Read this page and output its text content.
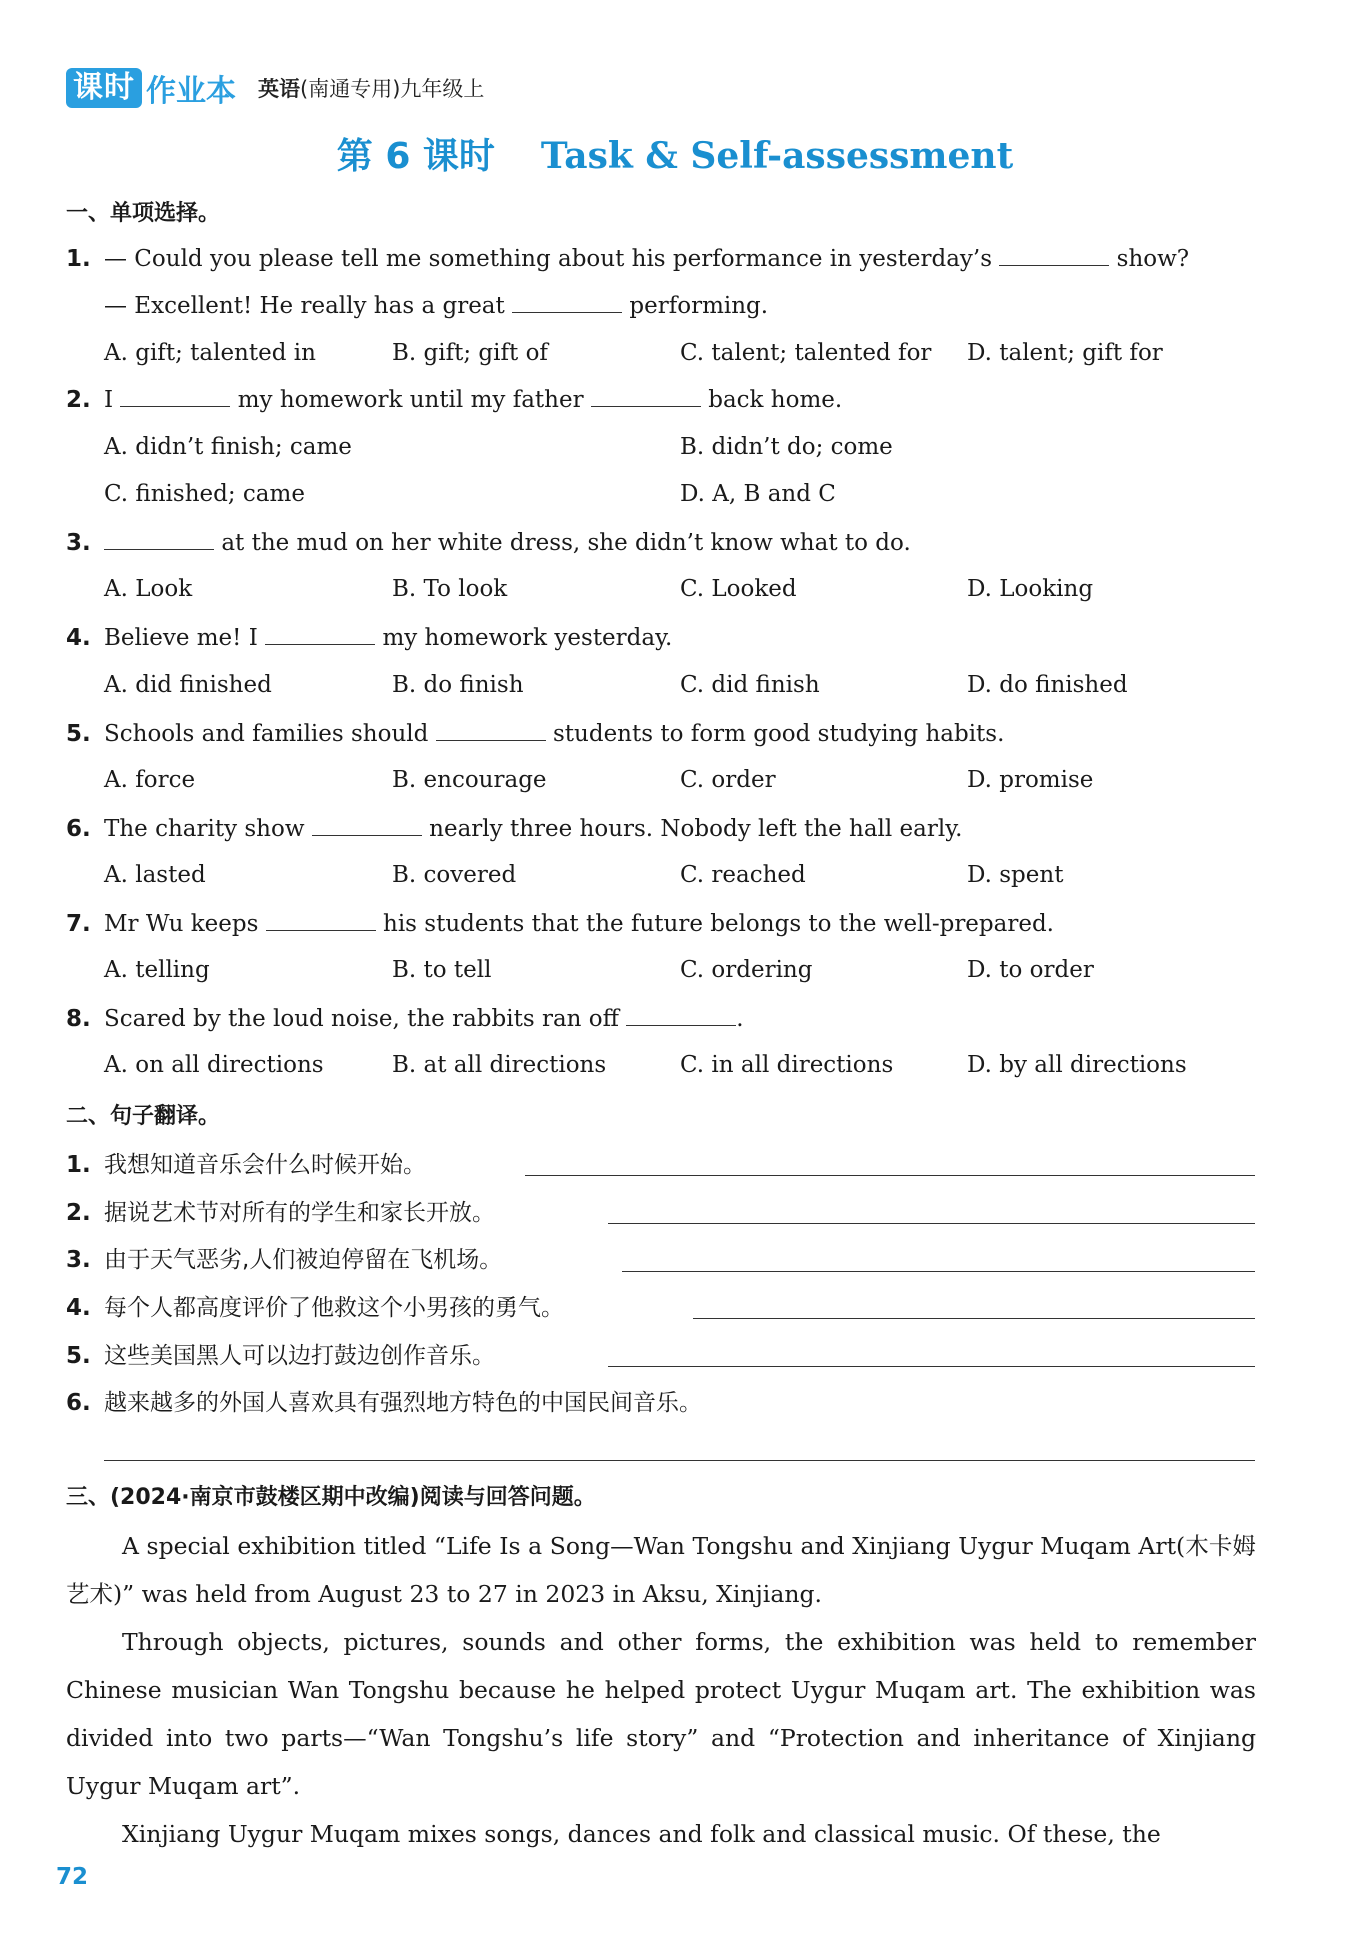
课时 作业本 英语(南通专用)九年级上
第 6 课时 Task & Self-assessment
一、单项选择。
1. — Could you please tell me something about his performance in yesterday’s	show?
— Excellent! He really has a great	performing.
A. gift; talented in	B. gift; gift of	C. talent; talented for D. talent; gift for
2. I	my homework until my father	back home.
A. didn’t finish; came	B. didn’t do; come
C. finished; came	D. A, B and C
3.	at the mud on her white dress, she didn’t know what to do.
A. Look	B. To look	C. Looked	D. Looking
4. Believe me! I	my homework yesterday.
A. did finished	B. do finish	C. did finish	D. do finished
5. Schools and families should	students to form good studying habits.
A. force	B. encourage	C. order	D. promise
6. The charity show	nearly three hours. Nobody left the hall early.
A. lasted	B. covered	C. reached	D. spent
7. Mr Wu keeps	his students that the future belongs to the well-prepared.
A. telling	B. to tell	C. ordering	D. to order
8. Scared by the loud noise, the rabbits ran off	.
A. on all directions	B. at all directions	C. in all directions	D. by all directions
二、句子翻译。
1. 我想知道音乐会什么时候开始。
2. 据说艺术节对所有的学生和家长开放。
3. 由于天气恶劣,人们被迫停留在飞机场。
4. 每个人都高度评价了他救这个小男孩的勇气。
5. 这些美国黑人可以边打鼓边创作音乐。
6. 越来越多的外国人喜欢具有强烈地方特色的中国民间音乐。
三、(2024·南京市鼓楼区期中改编)阅读与回答问题。
A special exhibition titled “Life Is a Song—Wan Tongshu and Xinjiang Uygur Muqam Art(木卡姆艺术)” was held from August 23 to 27 in 2023 in Aksu, Xinjiang.
Through objects, pictures, sounds and other forms, the exhibition was held to remember Chinese musician Wan Tongshu because he helped protect Uygur Muqam art. The exhibition was divided into two parts—“Wan Tongshu’s life story” and “Protection and inheritance of Xinjiang Uygur Muqam art”.
Xinjiang Uygur Muqam mixes songs, dances and folk and classical music. Of these, the
72
